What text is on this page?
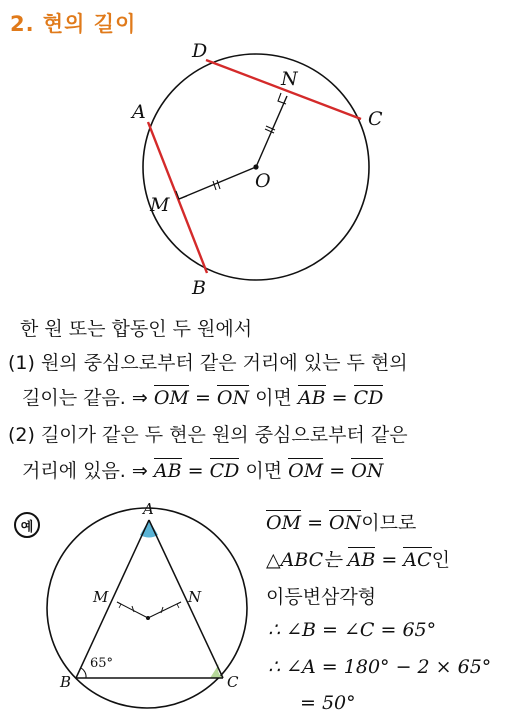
2. 현의 길이
D
N
A	C
O
M
B
한 원 또는 합동인 두 원에서
(1) 원의 중심으로부터 같은 거리에 있는 두 현의
길이는 같음. ⇒ OM = ON 이면 AB = CD
(2) 길이가 같은 두 현은 원의 중심으로부터 같은
거리에 있음. ⇒ AB = CD 이면 OM = ON
예
A
M	N
65°
B	C
OM = ON이므로
△ABC는 AB = AC인
이등변삼각형
∴ ∠B = ∠C = 65°
∴ ∠A = 180° − 2 × 65°
= 50°
